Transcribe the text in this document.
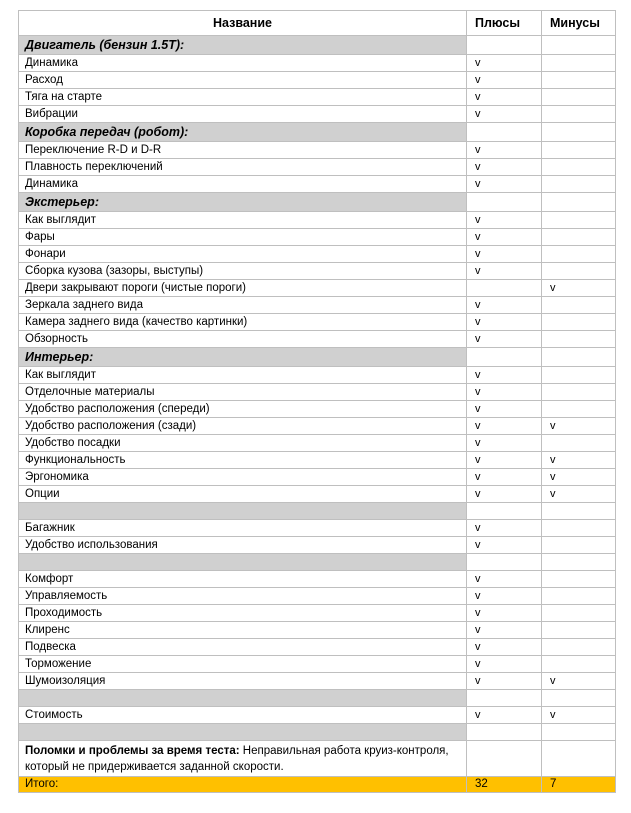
Название	Плюсы	Минусы
Двигатель (бензин 1.5T):		
Динамика	v	
Расход	v	
Тяга на старте	v	
Вибрации	v	
Коробка передач (робот):		
Переключение R-D и D-R	v	
Плавность переключений	v	
Динамика	v	
Экстерьер:		
Как выглядит	v	
Фары	v	
Фонари	v	
Сборка кузова (зазоры, выступы)	v	
Двери закрывают пороги (чистые пороги)		v
Зеркала заднего вида	v	
Камера заднего вида (качество картинки)	v	
Обзорность	v	
Интерьер:		
Как выглядит	v	
Отделочные материалы	v	
Удобство расположения (спереди)	v	
Удобство расположения (сзади)	v	v
Удобство посадки	v	
Функциональность	v	v
Эргономика	v	v
Опции	v	v

Багажник	v	
Удобство использования	v	

Комфорт	v	
Управляемость	v	
Проходимость	v	
Клиренс	v	
Подвеска	v	
Торможение	v	
Шумоизоляция	v	v

Стоимость	v	v

Поломки и проблемы за время теста: Неправильная работа круиз-контроля, который не придерживается заданной скорости.		
Итого:	32	7
